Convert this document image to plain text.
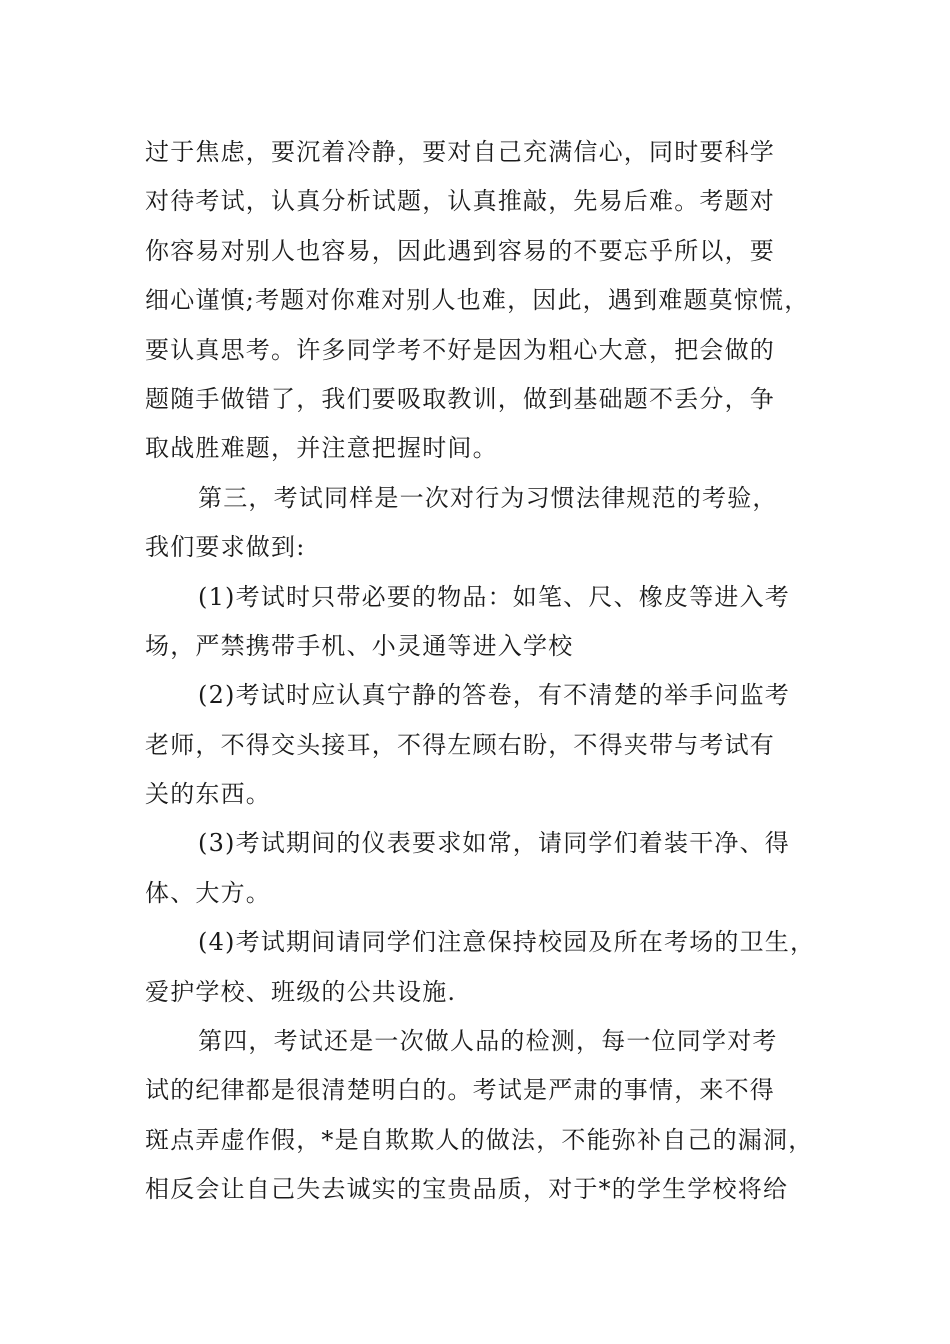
过于焦虑，要沉着冷静，要对自己充满信心，同时要科学
对待考试，认真分析试题，认真推敲，先易后难。考题对
你容易对别人也容易，因此遇到容易的不要忘乎所以，要
细心谨慎;考题对你难对别人也难，因此，遇到难题莫惊慌，
要认真思考。许多同学考不好是因为粗心大意，把会做的
题随手做错了，我们要吸取教训，做到基础题不丢分，争
取战胜难题，并注意把握时间。
第三，考试同样是一次对行为习惯法律规范的考验，
我们要求做到:
(1)考试时只带必要的物品：如笔、尺、橡皮等进入考
场，严禁携带手机、小灵通等进入学校
(2)考试时应认真宁静的答卷，有不清楚的举手问监考
老师，不得交头接耳，不得左顾右盼，不得夹带与考试有
关的东西。
(3)考试期间的仪表要求如常，请同学们着装干净、得
体、大方。
(4)考试期间请同学们注意保持校园及所在考场的卫生，
爱护学校、班级的公共设施.
第四，考试还是一次做人品的检测，每一位同学对考
试的纪律都是很清楚明白的。考试是严肃的事情，来不得
斑点弄虚作假，*是自欺欺人的做法，不能弥补自己的漏洞，
相反会让自己失去诚实的宝贵品质，对于*的学生学校将给
